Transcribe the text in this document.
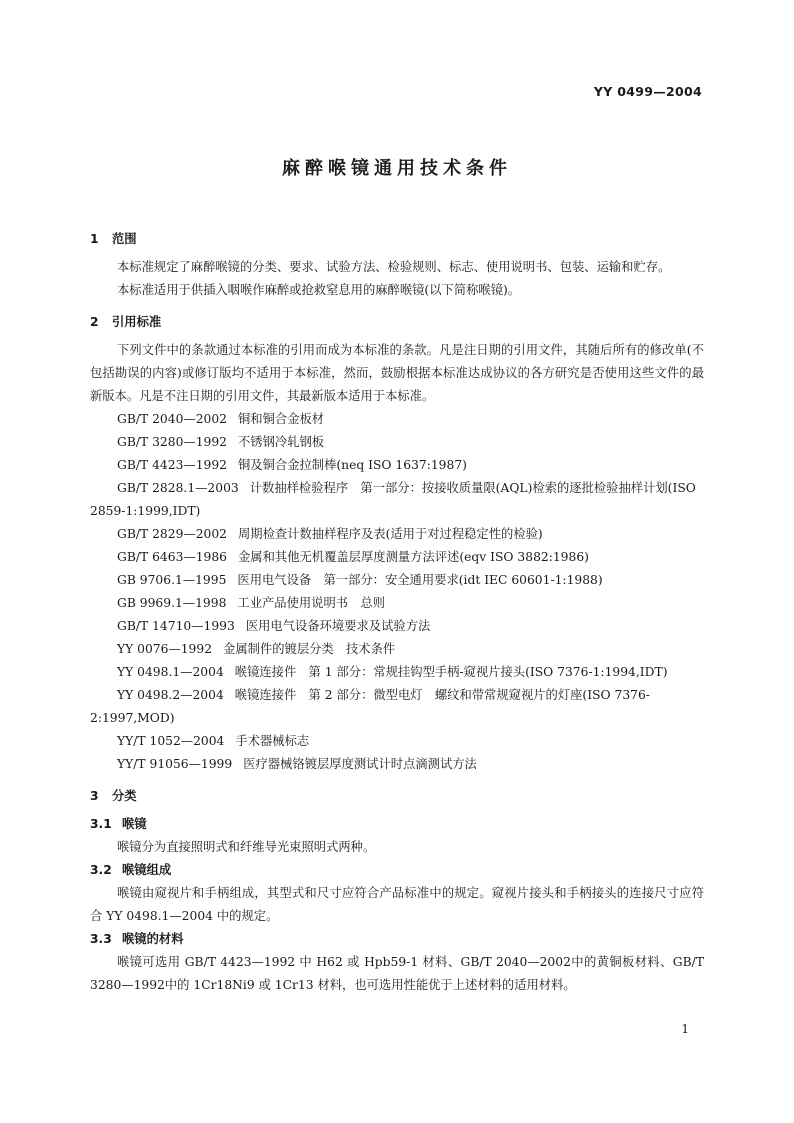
YY 0499—2004
麻醉喉镜通用技术条件
1 范围

本标准规定了麻醉喉镜的分类、要求、试验方法、检验规则、标志、使用说明书、包装、运输和贮存。

本标准适用于供插入咽喉作麻醉或抢救窒息用的麻醉喉镜(以下简称喉镜)。

2 引用标准

下列文件中的条款通过本标准的引用而成为本标准的条款。凡是注日期的引用文件，其随后所有的修改单(不包括勘误的内容)或修订版均不适用于本标准，然而，鼓励根据本标准达成协议的各方研究是否使用这些文件的最新版本。凡是不注日期的引用文件，其最新版本适用于本标准。

GB/T 2040—2002 铜和铜合金板材

GB/T 3280—1992 不锈钢冷轧钢板

GB/T 4423—1992 铜及铜合金拉制棒(neq ISO 1637:1987)

GB/T 2828.1—2003 计数抽样检验程序　第一部分：按接收质量限(AQL)检索的逐批检验抽样计划(ISO 2859-1:1999,IDT)

GB/T 2829—2002 周期检查计数抽样程序及表(适用于对过程稳定性的检验)

GB/T 6463—1986 金属和其他无机覆盖层厚度测量方法评述(eqv ISO 3882:1986)

GB 9706.1—1995 医用电气设备　第一部分：安全通用要求(idt IEC 60601-1:1988)

GB 9969.1—1998 工业产品使用说明书　总则

GB/T 14710—1993 医用电气设备环境要求及试验方法

YY 0076—1992 金属制件的镀层分类　技术条件

YY 0498.1—2004 喉镜连接件　第 1 部分：常规挂钩型手柄-窥视片接头(ISO 7376-1:1994,IDT)

YY 0498.2—2004 喉镜连接件　第 2 部分：微型电灯　螺纹和带常规窥视片的灯座(ISO 7376-2:1997,MOD)

YY/T 1052—2004 手术器械标志

YY/T 91056—1999 医疗器械铬镀层厚度测试计时点滴测试方法

3 分类
3.1 喉镜

喉镜分为直接照明式和纤维导光束照明式两种。

3.2 喉镜组成

喉镜由窥视片和手柄组成，其型式和尺寸应符合产品标准中的规定。窥视片接头和手柄接头的连接尺寸应符合 YY 0498.1—2004 中的规定。

3.3 喉镜的材料

喉镜可选用 GB/T 4423—1992 中 H62 或 Hpb59-1 材料、GB/T 2040—2002中的黄铜板材料、GB/T 3280—1992中的 1Cr18Ni9 或 1Cr13 材料，也可选用性能优于上述材料的适用材料。

1
